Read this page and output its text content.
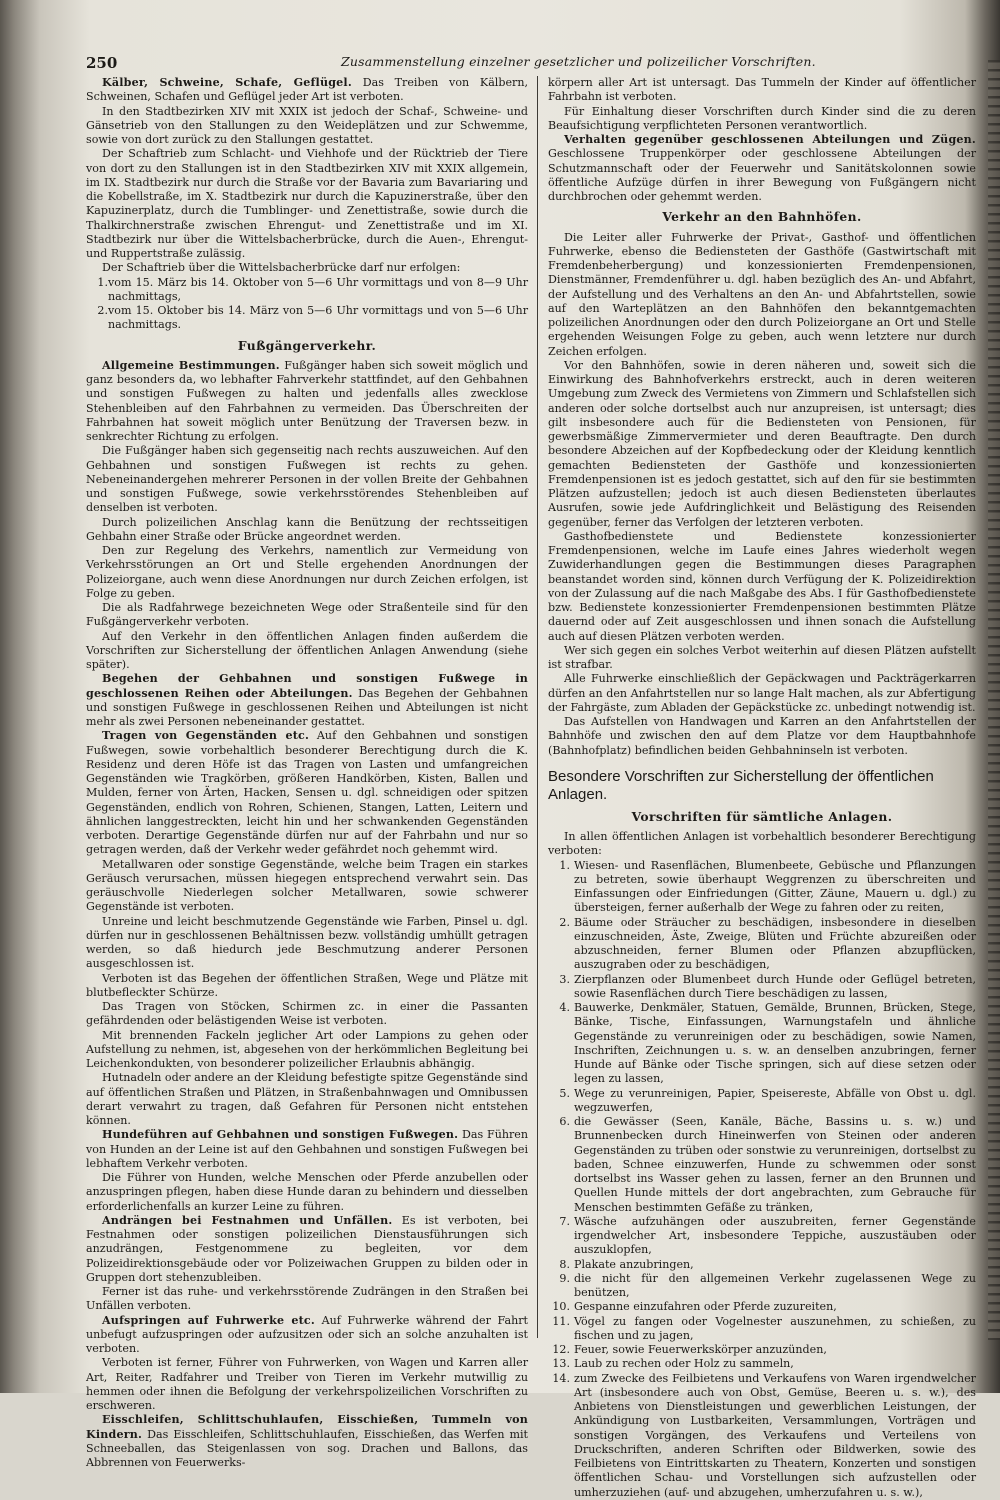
250	Zusammenstellung einzelner gesetzlicher und polizeilicher Vorschriften.

Kälber, Schweine, Schafe, Geflügel. Das Treiben von Kälbern, Schweinen, Schafen und Geflügel jeder Art ist verboten.

In den Stadtbezirken XIV mit XXIX ist jedoch der Schaf-, Schweine- und Gänsetrieb von den Stallungen zu den Weideplätzen und zur Schwemme, sowie von dort zurück zu den Stallungen gestattet.

Der Schaftrieb zum Schlacht- und Viehhofe und der Rücktrieb der Tiere von dort zu den Stallungen ist in den Stadtbezirken XIV mit XXIX allgemein, im IX. Stadtbezirk nur durch die Straße vor der Bavaria zum Bavariaring und die Kobellstraße, im X. Stadtbezirk nur durch die Kapuzinerstraße, über den Kapuzinerplatz, durch die Tumblinger- und Zenettistraße, sowie durch die Thalkirchnerstraße zwischen Ehrengut- und Zenettistraße und im XI. Stadtbezirk nur über die Wittelsbacherbrücke, durch die Auen-, Ehrengut- und Ruppertstraße zulässig.

Der Schaftrieb über die Wittelsbacherbrücke darf nur erfolgen:

1. vom 15. März bis 14. Oktober von 5—6 Uhr vormittags und von 8—9 Uhr nachmittags,
2. vom 15. Oktober bis 14. März von 5—6 Uhr vormittags und von 5—6 Uhr nachmittags.
Fußgängerverkehr.

Allgemeine Bestimmungen. Fußgänger haben sich soweit möglich und ganz besonders da, wo lebhafter Fahrverkehr stattfindet, auf den Gehbahnen und sonstigen Fußwegen zu halten und jedenfalls alles zwecklose Stehenbleiben auf den Fahrbahnen zu vermeiden. Das Überschreiten der Fahrbahnen hat soweit möglich unter Benützung der Traversen bezw. in senkrechter Richtung zu erfolgen.

Die Fußgänger haben sich gegenseitig nach rechts auszuweichen. Auf den Gehbahnen und sonstigen Fußwegen ist rechts zu gehen. Nebeneinandergehen mehrerer Personen in der vollen Breite der Gehbahnen und sonstigen Fußwege, sowie verkehrsstörendes Stehenbleiben auf denselben ist verboten.

Durch polizeilichen Anschlag kann die Benützung der rechtsseitigen Gehbahn einer Straße oder Brücke angeordnet werden.

Den zur Regelung des Verkehrs, namentlich zur Vermeidung von Verkehrsstörungen an Ort und Stelle ergehenden Anordnungen der Polizeiorgane, auch wenn diese Anordnungen nur durch Zeichen erfolgen, ist Folge zu geben.

Die als Radfahrwege bezeichneten Wege oder Straßenteile sind für den Fußgängerverkehr verboten.

Auf den Verkehr in den öffentlichen Anlagen finden außerdem die Vorschriften zur Sicherstellung der öffentlichen Anlagen Anwendung (siehe später).

Begehen der Gehbahnen und sonstigen Fußwege in geschlossenen Reihen oder Abteilungen. Das Begehen der Gehbahnen und sonstigen Fußwege in geschlossenen Reihen und Abteilungen ist nicht mehr als zwei Personen nebeneinander gestattet.

Tragen von Gegenständen etc. Auf den Gehbahnen und sonstigen Fußwegen, sowie vorbehaltlich besonderer Berechtigung durch die K. Residenz und deren Höfe ist das Tragen von Lasten und umfangreichen Gegenständen wie Tragkörben, größeren Handkörben, Kisten, Ballen und Mulden, ferner von Ärten, Hacken, Sensen u. dgl. schneidigen oder spitzen Gegenständen, endlich von Rohren, Schienen, Stangen, Latten, Leitern und ähnlichen langgestreckten, leicht hin und her schwankenden Gegenständen verboten. Derartige Gegenstände dürfen nur auf der Fahrbahn und nur so getragen werden, daß der Verkehr weder gefährdet noch gehemmt wird.

Metallwaren oder sonstige Gegenstände, welche beim Tragen ein starkes Geräusch verursachen, müssen hiegegen entsprechend verwahrt sein. Das geräuschvolle Niederlegen solcher Metallwaren, sowie schwerer Gegenstände ist verboten.

Unreine und leicht beschmutzende Gegenstände wie Farben, Pinsel u. dgl. dürfen nur in geschlossenen Behältnissen bezw. vollständig umhüllt getragen werden, so daß hiedurch jede Beschmutzung anderer Personen ausgeschlossen ist.

Verboten ist das Begehen der öffentlichen Straßen, Wege und Plätze mit blutbefleckter Schürze.

Das Tragen von Stöcken, Schirmen zc. in einer die Passanten gefährdenden oder belästigenden Weise ist verboten.

Mit brennenden Fackeln jeglicher Art oder Lampions zu gehen oder Aufstellung zu nehmen, ist, abgesehen von der herkömmlichen Begleitung bei Leichenkondukten, von besonderer polizeilicher Erlaubnis abhängig.

Hutnadeln oder andere an der Kleidung befestigte spitze Gegenstände sind auf öffentlichen Straßen und Plätzen, in Straßenbahnwagen und Omnibussen derart verwahrt zu tragen, daß Gefahren für Personen nicht entstehen können.

Hundeführen auf Gehbahnen und sonstigen Fußwegen. Das Führen von Hunden an der Leine ist auf den Gehbahnen und sonstigen Fußwegen bei lebhaftem Verkehr verboten.

Die Führer von Hunden, welche Menschen oder Pferde anzubellen oder anzuspringen pflegen, haben diese Hunde daran zu behindern und diesselben erforderlichenfalls an kurzer Leine zu führen.

Andrängen bei Festnahmen und Unfällen. Es ist verboten, bei Festnahmen oder sonstigen polizeilichen Dienstausführungen sich anzudrängen, Festgenommene zu begleiten, vor dem Polizeidirektionsgebäude oder vor Polizeiwachen Gruppen zu bilden oder in Gruppen dort stehenzubleiben.

Ferner ist das ruhe- und verkehrsstörende Zudrängen in den Straßen bei Unfällen verboten.

Aufspringen auf Fuhrwerke etc. Auf Fuhrwerke während der Fahrt unbefugt aufzuspringen oder aufzusitzen oder sich an solche anzuhalten ist verboten.

Verboten ist ferner, Führer von Fuhrwerken, von Wagen und Karren aller Art, Reiter, Radfahrer und Treiber von Tieren im Verkehr mutwillig zu hemmen oder ihnen die Befolgung der verkehrspolizeilichen Vorschriften zu erschweren.

Eisschleifen, Schlittschuhlaufen, Eisschießen, Tummeln von Kindern. Das Eisschleifen, Schlittschuhlaufen, Eisschießen, das Werfen mit Schneeballen, das Steigenlassen von sog. Drachen und Ballons, das Abbrennen von Feuerwerks-

körpern aller Art ist untersagt. Das Tummeln der Kinder auf öffentlicher Fahrbahn ist verboten.

Für Einhaltung dieser Vorschriften durch Kinder sind die zu deren Beaufsichtigung verpflichteten Personen verantwortlich.

Verhalten gegenüber geschlossenen Abteilungen und Zügen. Geschlossene Truppenkörper oder geschlossene Abteilungen der Schutzmannschaft oder der Feuerwehr und Sanitätskolonnen sowie öffentliche Aufzüge dürfen in ihrer Bewegung von Fußgängern nicht durchbrochen oder gehemmt werden.

Verkehr an den Bahnhöfen.

Die Leiter aller Fuhrwerke der Privat-, Gasthof- und öffentlichen Fuhrwerke, ebenso die Bediensteten der Gasthöfe (Gastwirtschaft mit Fremdenbeherbergung) und konzessionierten Fremdenpensionen, Dienstmänner, Fremdenführer u. dgl. haben bezüglich des An- und Abfahrt, der Aufstellung und des Verhaltens an den An- und Abfahrtstellen, sowie auf den Warteplätzen an den Bahnhöfen den bekanntgemachten polizeilichen Anordnungen oder den durch Polizeiorgane an Ort und Stelle ergehenden Weisungen Folge zu geben, auch wenn letztere nur durch Zeichen erfolgen.

Vor den Bahnhöfen, sowie in deren näheren und, soweit sich die Einwirkung des Bahnhofverkehrs erstreckt, auch in deren weiteren Umgebung zum Zweck des Vermietens von Zimmern und Schlafstellen sich anderen oder solche dortselbst auch nur anzupreisen, ist untersagt; dies gilt insbesondere auch für die Bediensteten von Pensionen, für gewerbsmäßige Zimmervermieter und deren Beauftragte. Den durch besondere Abzeichen auf der Kopfbedeckung oder der Kleidung kenntlich gemachten Bediensteten der Gasthöfe und konzessionierten Fremdenpensionen ist es jedoch gestattet, sich auf den für sie bestimmten Plätzen aufzustellen; jedoch ist auch diesen Bediensteten überlautes Ausrufen, sowie jede Aufdringlichkeit und Belästigung des Reisenden gegenüber, ferner das Verfolgen der letzteren verboten.

Gasthofbedienstete und Bedienstete konzessionierter Fremdenpensionen, welche im Laufe eines Jahres wiederholt wegen Zuwiderhandlungen gegen die Bestimmungen dieses Paragraphen beanstandet worden sind, können durch Verfügung der K. Polizeidirektion von der Zulassung auf die nach Maßgabe des Abs. I für Gasthofbedienstete bzw. Bedienstete konzessionierter Fremdenpensionen bestimmten Plätze dauernd oder auf Zeit ausgeschlossen und ihnen sonach die Aufstellung auch auf diesen Plätzen verboten werden.

Wer sich gegen ein solches Verbot weiterhin auf diesen Plätzen aufstellt ist strafbar.

Alle Fuhrwerke einschließlich der Gepäckwagen und Packträgerkarren dürfen an den Anfahrtstellen nur so lange Halt machen, als zur Abfertigung der Fahrgäste, zum Abladen der Gepäckstücke zc. unbedingt notwendig ist.

Das Aufstellen von Handwagen und Karren an den Anfahrtstellen der Bahnhöfe und zwischen den auf dem Platze vor dem Hauptbahnhofe (Bahnhofplatz) befindlichen beiden Gehbahninseln ist verboten.

Besondere Vorschriften zur Sicherstellung der öffentlichen Anlagen.
Vorschriften für sämtliche Anlagen.

In allen öffentlichen Anlagen ist vorbehaltlich besonderer Berechtigung verboten:

1. Wiesen- und Rasenflächen, Blumenbeete, Gebüsche und Pflanzungen zu betreten, sowie überhaupt Weggrenzen zu überschreiten und Einfassungen oder Einfriedungen (Gitter, Zäune, Mauern u. dgl.) zu übersteigen, ferner außerhalb der Wege zu fahren oder zu reiten,
2. Bäume oder Sträucher zu beschädigen, insbesondere in dieselben einzuschneiden, Äste, Zweige, Blüten und Früchte abzureißen oder abzuschneiden, ferner Blumen oder Pflanzen abzupflücken, auszugraben oder zu beschädigen,
3. Zierpflanzen oder Blumenbeet durch Hunde oder Geflügel betreten, sowie Rasenflächen durch Tiere beschädigen zu lassen,
4. Bauwerke, Denkmäler, Statuen, Gemälde, Brunnen, Brücken, Stege, Bänke, Tische, Einfassungen, Warnungstafeln und ähnliche Gegenstände zu verunreinigen oder zu beschädigen, sowie Namen, Inschriften, Zeichnungen u. s. w. an denselben anzubringen, ferner Hunde auf Bänke oder Tische springen, sich auf diese setzen oder legen zu lassen,
5. Wege zu verunreinigen, Papier, Speisereste, Abfälle von Obst u. dgl. wegzuwerfen,
6. die Gewässer (Seen, Kanäle, Bäche, Bassins u. s. w.) und Brunnenbecken durch Hineinwerfen von Steinen oder anderen Gegenständen zu trüben oder sonstwie zu verunreinigen, dortselbst zu baden, Schnee einzuwerfen, Hunde zu schwemmen oder sonst dortselbst ins Wasser gehen zu lassen, ferner an den Brunnen und Quellen Hunde mittels der dort angebrachten, zum Gebrauche für Menschen bestimmten Gefäße zu tränken,
7. Wäsche aufzuhängen oder auszubreiten, ferner Gegenstände irgendwelcher Art, insbesondere Teppiche, auszustäuben oder auszuklopfen,
8. Plakate anzubringen,
9. die nicht für den allgemeinen Verkehr zugelassenen Wege zu benützen,
10. Gespanne einzufahren oder Pferde zuzureiten,
11. Vögel zu fangen oder Vogelnester auszunehmen, zu schießen, zu fischen und zu jagen,
12. Feuer, sowie Feuerwerkskörper anzuzünden,
13. Laub zu rechen oder Holz zu sammeln,
14. zum Zwecke des Feilbietens und Verkaufens von Waren irgendwelcher Art (insbesondere auch von Obst, Gemüse, Beeren u. s. w.), des Anbietens von Dienstleistungen und gewerblichen Leistungen, der Ankündigung von Lustbarkeiten, Versammlungen, Vorträgen und sonstigen Vorgängen, des Verkaufens und Verteilens von Druckschriften, anderen Schriften oder Bildwerken, sowie des Feilbietens von Eintrittskarten zu Theatern, Konzerten und sonstigen öffentlichen Schau- und Vorstellungen sich aufzustellen oder umherzuziehen (auf- und abzugehen, umherzufahren u. s. w.),
